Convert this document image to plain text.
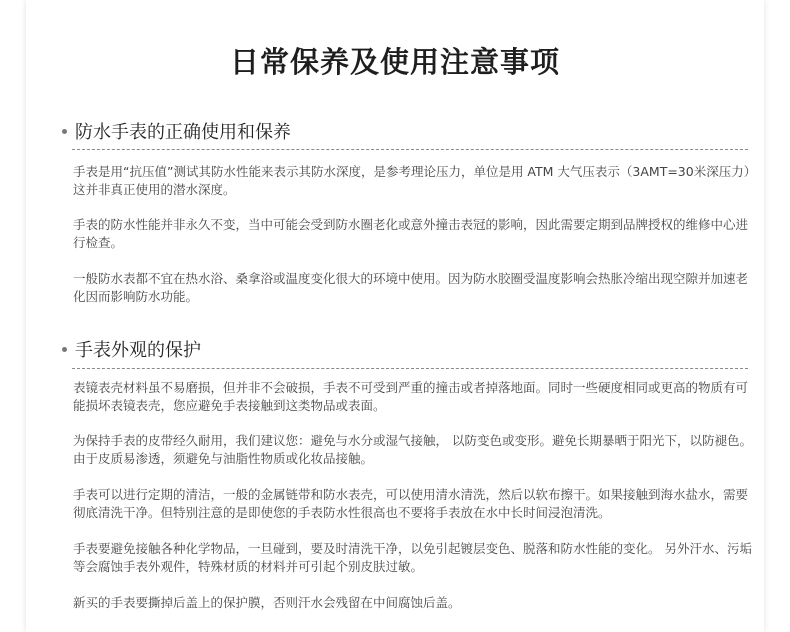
日常保养及使用注意事项
防水手表的正确使用和保养

手表是用“抗压值”测试其防水性能来表示其防水深度，是参考理论压力，单位是用 ATM 大气压表示（3AMT=30米深压力）这并非真正使用的潜水深度。

手表的防水性能并非永久不变，当中可能会受到防水圈老化或意外撞击表冠的影响，因此需要定期到品牌授权的维修中心进行检查。

一般防水表都不宜在热水浴、桑拿浴或温度变化很大的环境中使用。因为防水胶圈受温度影响会热胀冷缩出现空隙并加速老化因而影响防水功能。

手表外观的保护

表镜表壳材料虽不易磨损，但并非不会破损，手表不可受到严重的撞击或者掉落地面。同时一些硬度相同或更高的物质有可能损坏表镜表壳，您应避免手表接触到这类物品或表面。

为保持手表的皮带经久耐用，我们建议您：避免与水分或湿气接触， 以防变色或变形。避免长期暴晒于阳光下，以防褪色。由于皮质易渗透，须避免与油脂性物质或化妆品接触。

手表可以进行定期的清洁，一般的金属链带和防水表壳，可以使用清水清洗，然后以软布擦干。如果接触到海水盐水，需要彻底清洗干净。但特别注意的是即使您的手表防水性很高也不要将手表放在水中长时间浸泡清洗。

手表要避免接触各种化学物品，一旦碰到，要及时清洗干净，以免引起镀层变色、脱落和防水性能的变化。 另外汗水、污垢等会腐蚀手表外观件，特殊材质的材料并可引起个别皮肤过敏。

新买的手表要撕掉后盖上的保护膜，否则汗水会残留在中间腐蚀后盖。
